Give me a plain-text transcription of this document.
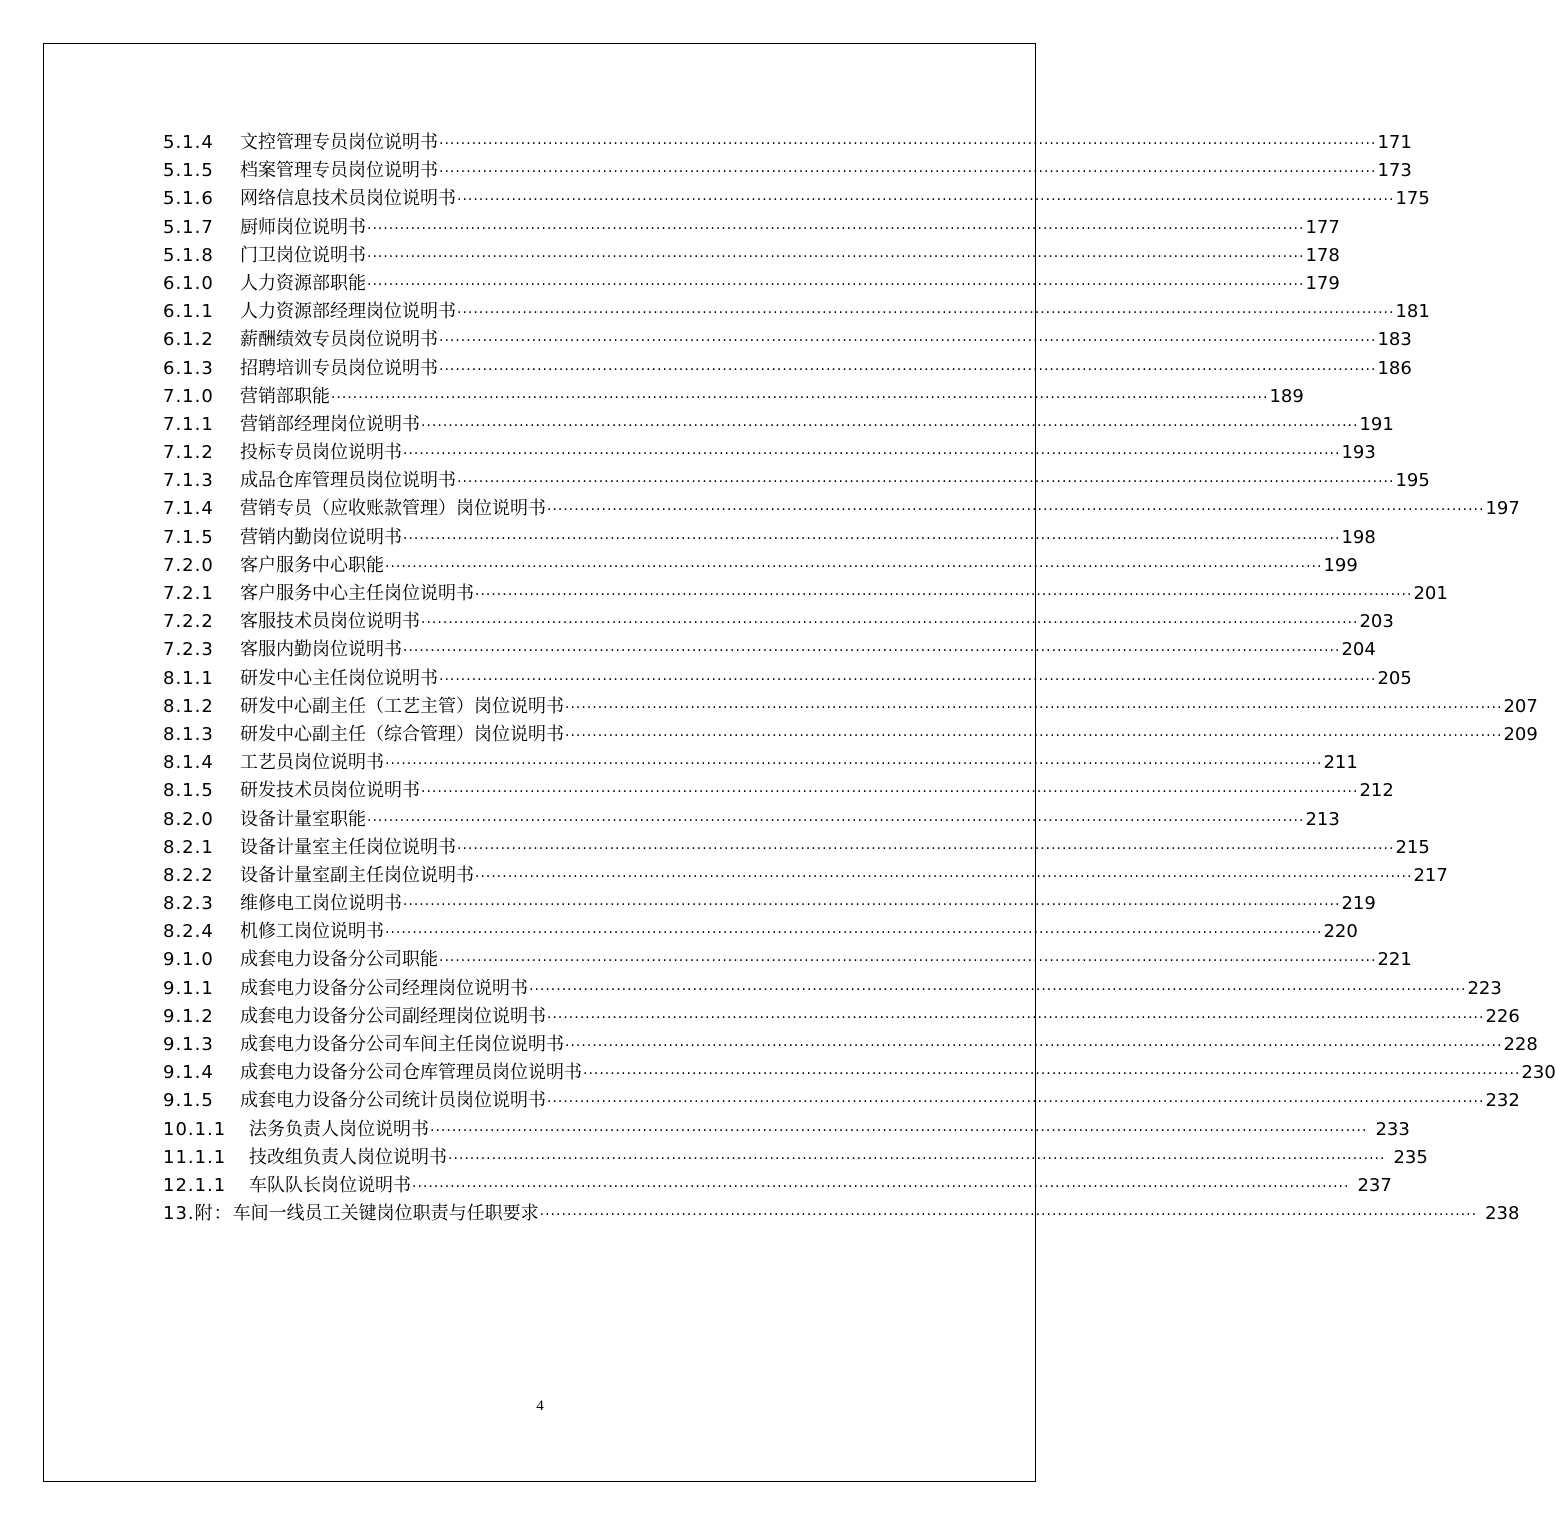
5.1.4	文控管理专员岗位说明书 ············································································································································································ 171
5.1.5	档案管理专员岗位说明书 ············································································································································································ 173
5.1.6	网络信息技术员岗位说明书 ············································································································································································ 175
5.1.7	厨师岗位说明书 ············································································································································································ 177
5.1.8	门卫岗位说明书 ············································································································································································ 178
6.1.0	人力资源部职能 ············································································································································································ 179
6.1.1	人力资源部经理岗位说明书 ············································································································································································ 181
6.1.2	薪酬绩效专员岗位说明书 ············································································································································································ 183
6.1.3	招聘培训专员岗位说明书 ············································································································································································ 186
7.1.0	营销部职能 ············································································································································································ 189
7.1.1	营销部经理岗位说明书 ············································································································································································ 191
7.1.2	投标专员岗位说明书 ············································································································································································ 193
7.1.3	成品仓库管理员岗位说明书 ············································································································································································ 195
7.1.4	营销专员（应收账款管理）岗位说明书 ············································································································································································ 197
7.1.5	营销内勤岗位说明书 ············································································································································································ 198
7.2.0	客户服务中心职能 ············································································································································································ 199
7.2.1	客户服务中心主任岗位说明书 ············································································································································································ 201
7.2.2	客服技术员岗位说明书 ············································································································································································ 203
7.2.3	客服内勤岗位说明书 ············································································································································································ 204
8.1.1	研发中心主任岗位说明书 ············································································································································································ 205
8.1.2	研发中心副主任（工艺主管）岗位说明书 ············································································································································································ 207
8.1.3	研发中心副主任（综合管理）岗位说明书 ············································································································································································ 209
8.1.4	工艺员岗位说明书 ············································································································································································ 211
8.1.5	研发技术员岗位说明书 ············································································································································································ 212
8.2.0	设备计量室职能 ············································································································································································ 213
8.2.1	设备计量室主任岗位说明书 ············································································································································································ 215
8.2.2	设备计量室副主任岗位说明书 ············································································································································································ 217
8.2.3	维修电工岗位说明书 ············································································································································································ 219
8.2.4	机修工岗位说明书 ············································································································································································ 220
9.1.0	成套电力设备分公司职能 ············································································································································································ 221
9.1.1	成套电力设备分公司经理岗位说明书 ············································································································································································ 223
9.1.2	成套电力设备分公司副经理岗位说明书 ············································································································································································ 226
9.1.3	成套电力设备分公司车间主任岗位说明书 ············································································································································································ 228
9.1.4	成套电力设备分公司仓库管理员岗位说明书 ············································································································································································ 230
9.1.5	成套电力设备分公司统计员岗位说明书 ············································································································································································ 232
10.1.1	法务负责人岗位说明书 ············································································································································································ 233
11.1.1	技改组负责人岗位说明书 ············································································································································································ 235
12.1.1	车队队长岗位说明书 ············································································································································································ 237
13.附： 车间一线员工关键岗位职责与任职要求 ············································································································································································ 238
4
